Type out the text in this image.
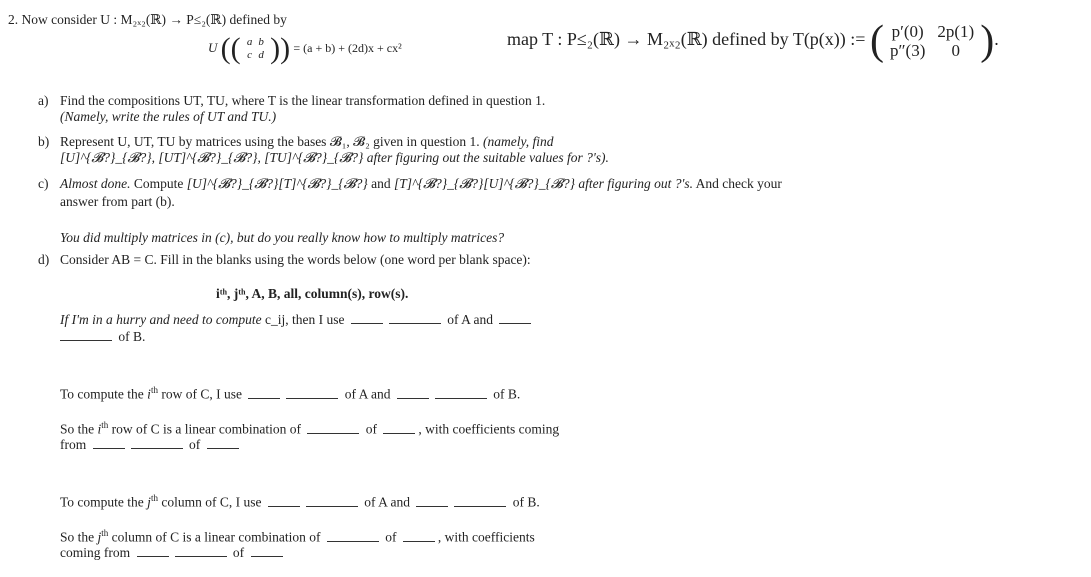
2. Now consider U : M₂ₓ₂(ℝ) → P≤₂(ℝ) defined by
U (( a	b
c	d )) = (a + b) + (2d)x + cx²	map T : P≤₂(ℝ) → M₂ₓ₂(ℝ) defined by T(p(x)) := ( p′(0)	2p(1)
p″(3)	0 ).
a) Find the compositions UT, TU, where T is the linear transformation defined in question 1.
(Namely, write the rules of UT and TU.)
b) Represent U, UT, TU by matrices using the bases 𝓑₁, 𝓑₂ given in question 1. (namely, find
[U]^{𝓑?}_{𝓑?}, [UT]^{𝓑?}_{𝓑?}, [TU]^{𝓑?}_{𝓑?} after figuring out the suitable values for ?'s).
c) Almost done. Compute [U]^{𝓑?}_{𝓑?}[T]^{𝓑?}_{𝓑?} and [T]^{𝓑?}_{𝓑?}[U]^{𝓑?}_{𝓑?} after figuring out ?'s. And check your
answer from part (b).
You did multiply matrices in (c), but do you really know how to multiply matrices?
d) Consider AB = C. Fill in the blanks using the words below (one word per blank space):
iᵗʰ, jᵗʰ, A, B, all, column(s), row(s).
If I'm in a hurry and need to compute c_ij, then I use	of A and
of B.
To compute the $i^{th}$ row of C, I use	of A and	of B.
So the $i^{th}$ row of C is a linear combination of	of	, with coefficients coming
from	of
To compute the $j^{th}$ column of C, I use	of A and	of B.
So the $j^{th}$ column of C is a linear combination of	of	, with coefficients
coming from	of
